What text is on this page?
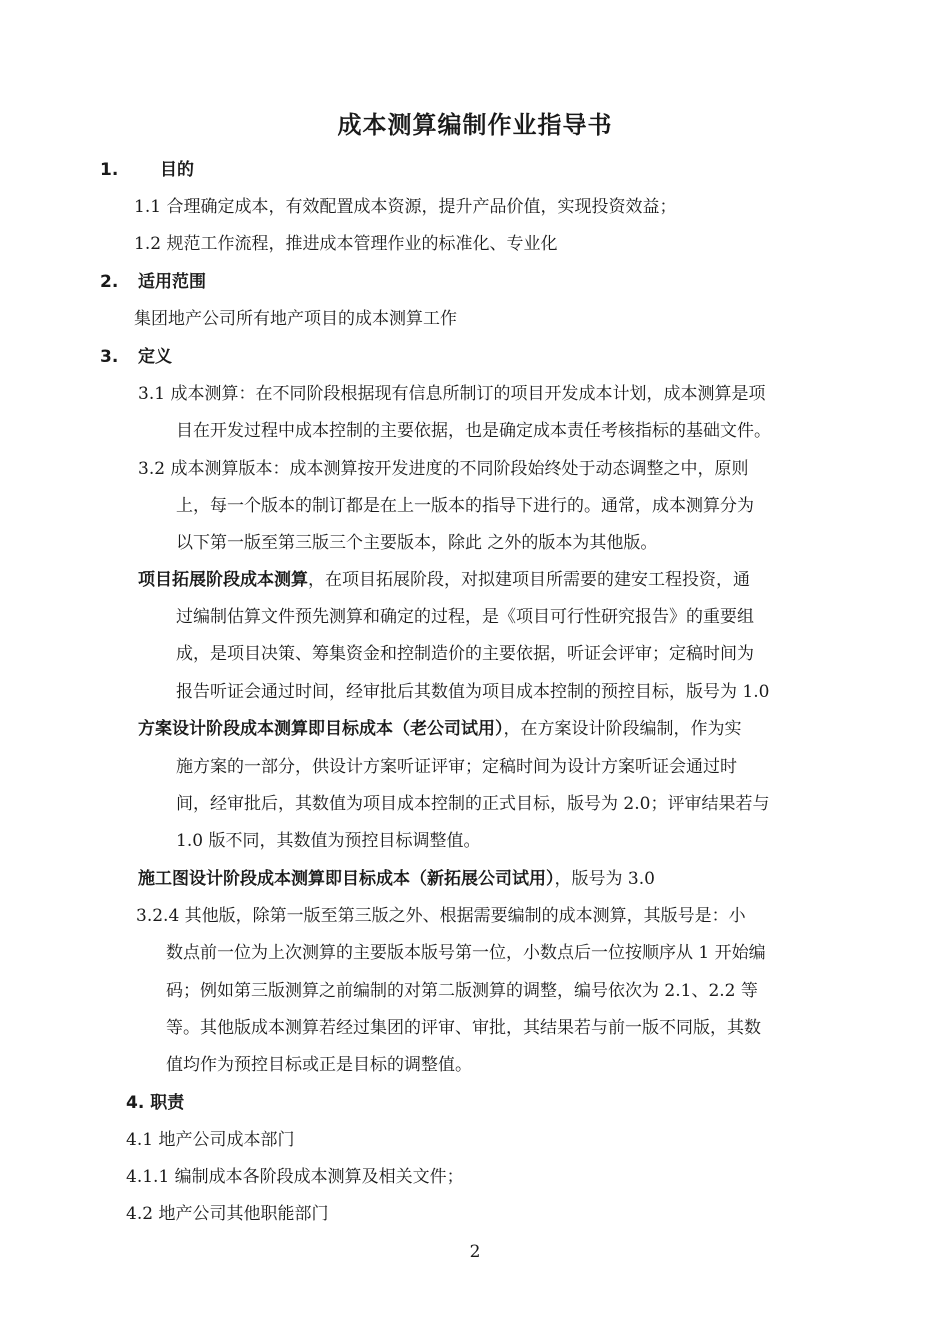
成本测算编制作业指导书
1. 目的
1.1 合理确定成本，有效配置成本资源，提升产品价值，实现投资效益；
1.2 规范工作流程，推进成本管理作业的标准化、专业化
2. 适用范围
集团地产公司所有地产项目的成本测算工作
3. 定义
3.1 成本测算：在不同阶段根据现有信息所制订的项目开发成本计划，成本测算是项
目在开发过程中成本控制的主要依据，也是确定成本责任考核指标的基础文件。
3.2 成本测算版本：成本测算按开发进度的不同阶段始终处于动态调整之中，原则
上，每一个版本的制订都是在上一版本的指导下进行的。通常，成本测算分为
以下第一版至第三版三个主要版本，除此 之外的版本为其他版。
项目拓展阶段成本测算，在项目拓展阶段，对拟建项目所需要的建安工程投资，通
过编制估算文件预先测算和确定的过程，是《项目可行性研究报告》的重要组
成，是项目决策、筹集资金和控制造价的主要依据，听证会评审；定稿时间为
报告听证会通过时间，经审批后其数值为项目成本控制的预控目标，版号为 1.0
方案设计阶段成本测算即目标成本（老公司试用），在方案设计阶段编制，作为实
施方案的一部分，供设计方案听证评审；定稿时间为设计方案听证会通过时
间，经审批后，其数值为项目成本控制的正式目标，版号为 2.0；评审结果若与
1.0 版不同，其数值为预控目标调整值。
施工图设计阶段成本测算即目标成本（新拓展公司试用），版号为 3.0
3.2.4 其他版，除第一版至第三版之外、根据需要编制的成本测算，其版号是：小
数点前一位为上次测算的主要版本版号第一位，小数点后一位按顺序从 1 开始编
码；例如第三版测算之前编制的对第二版测算的调整，编号依次为 2.1、2.2 等
等。其他版成本测算若经过集团的评审、审批，其结果若与前一版不同版，其数
值均作为预控目标或正是目标的调整值。
4. 职责
4.1 地产公司成本部门
4.1.1 编制成本各阶段成本测算及相关文件；
4.2 地产公司其他职能部门
2
